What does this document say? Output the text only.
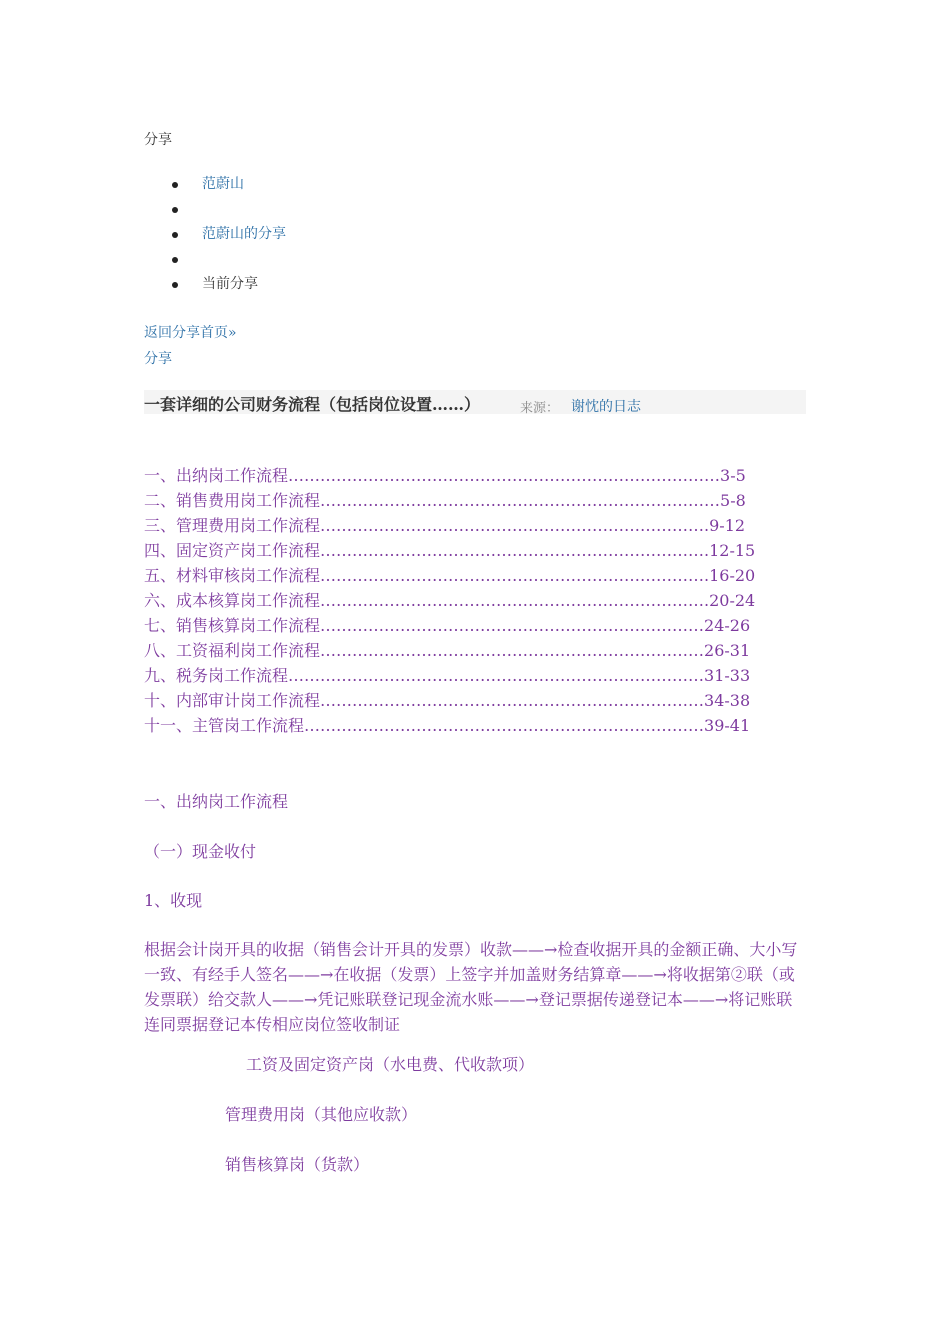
分享
范蔚山
范蔚山的分享
当前分享
返回分享首页»
分享
一套详细的公司财务流程（包括岗位设置……）	来源： 谢忱的日志
一、出纳岗工作流程………………………………………………………………………3-5
二、销售费用岗工作流程…………………………………………………………………5-8
三、管理费用岗工作流程……………………………………………………………….9-12
四、固定资产岗工作流程……………………………………………………………….12-15
五、材料审核岗工作流程……………………………………………………………….16-20
六、成本核算岗工作流程……………………………………………………………….20-24
七、销售核算岗工作流程………………………………………………………………24-26
八、工资福利岗工作流程………………………………………………………………26-31
九、税务岗工作流程……………………………………………………………………31-33
十、内部审计岗工作流程………………………………………………………………34-38
十一、主管岗工作流程…………………………………………………………………39-41
一、出纳岗工作流程
（一）现金收付
1、收现
根据会计岗开具的收据（销售会计开具的发票）收款——→检查收据开具的金额正确、大小写一致、有经手人签名——→在收据（发票）上签字并加盖财务结算章——→将收据第②联（或发票联）给交款人——→凭记账联登记现金流水账——→登记票据传递登记本——→将记账联连同票据登记本传相应岗位签收制证
工资及固定资产岗（水电费、代收款项）
管理费用岗（其他应收款）
销售核算岗（货款）
